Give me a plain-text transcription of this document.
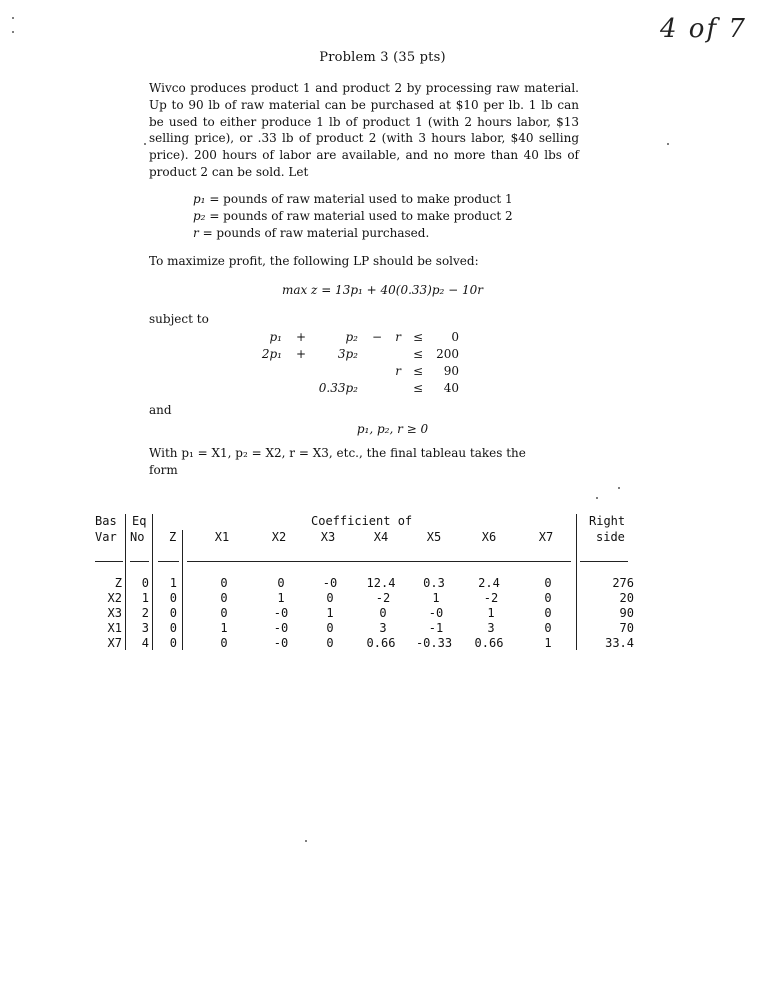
4 of 7
Problem 3 (35 pts)

Wivco produces product 1 and product 2 by processing raw material. Up to 90 lb of raw material can be purchased at $10 per lb. 1 lb can be used to either produce 1 lb of product 1 (with 2 hours labor, $13 selling price), or .33 lb of product 2 (with 3 hours labor, $40 selling price). 200 hours of labor are available, and no more than 40 lbs of product 2 can be sold. Let

p₁ = pounds of raw material used to make product 1
p₂ = pounds of raw material used to make product 2
r = pounds of raw material purchased.
To maximize profit, the following LP should be solved:
max z = 13p₁ + 40(0.33)p₂ − 10r
subject to
p₁ +	p₂ − r ≤ 0
2p₁ +	3p₂	≤ 200
r ≤ 90
0.33p₂	≤ 40
and
p₁, p₂, r ≥ 0
With p₁ = X1, p₂ = X2, r = X3, etc., the final tableau takes the
form
Bas Eq	Coefficient of	Right
Var No Z	side
X1	X2	X3	X4	X5	X6	X7
Z 0 1	0	0	-0	12.4	0.3	2.4	0	276
X2 1 0	0	1	0	-2	1	-2	0	20
X3 2 0	0	-0	1	0	-0	1	0	90
X1 3 0	1	-0	0	3	-1	3	0	70
X7 4 0	0	-0	0	0.66	-0.33	0.66	1	33.4
